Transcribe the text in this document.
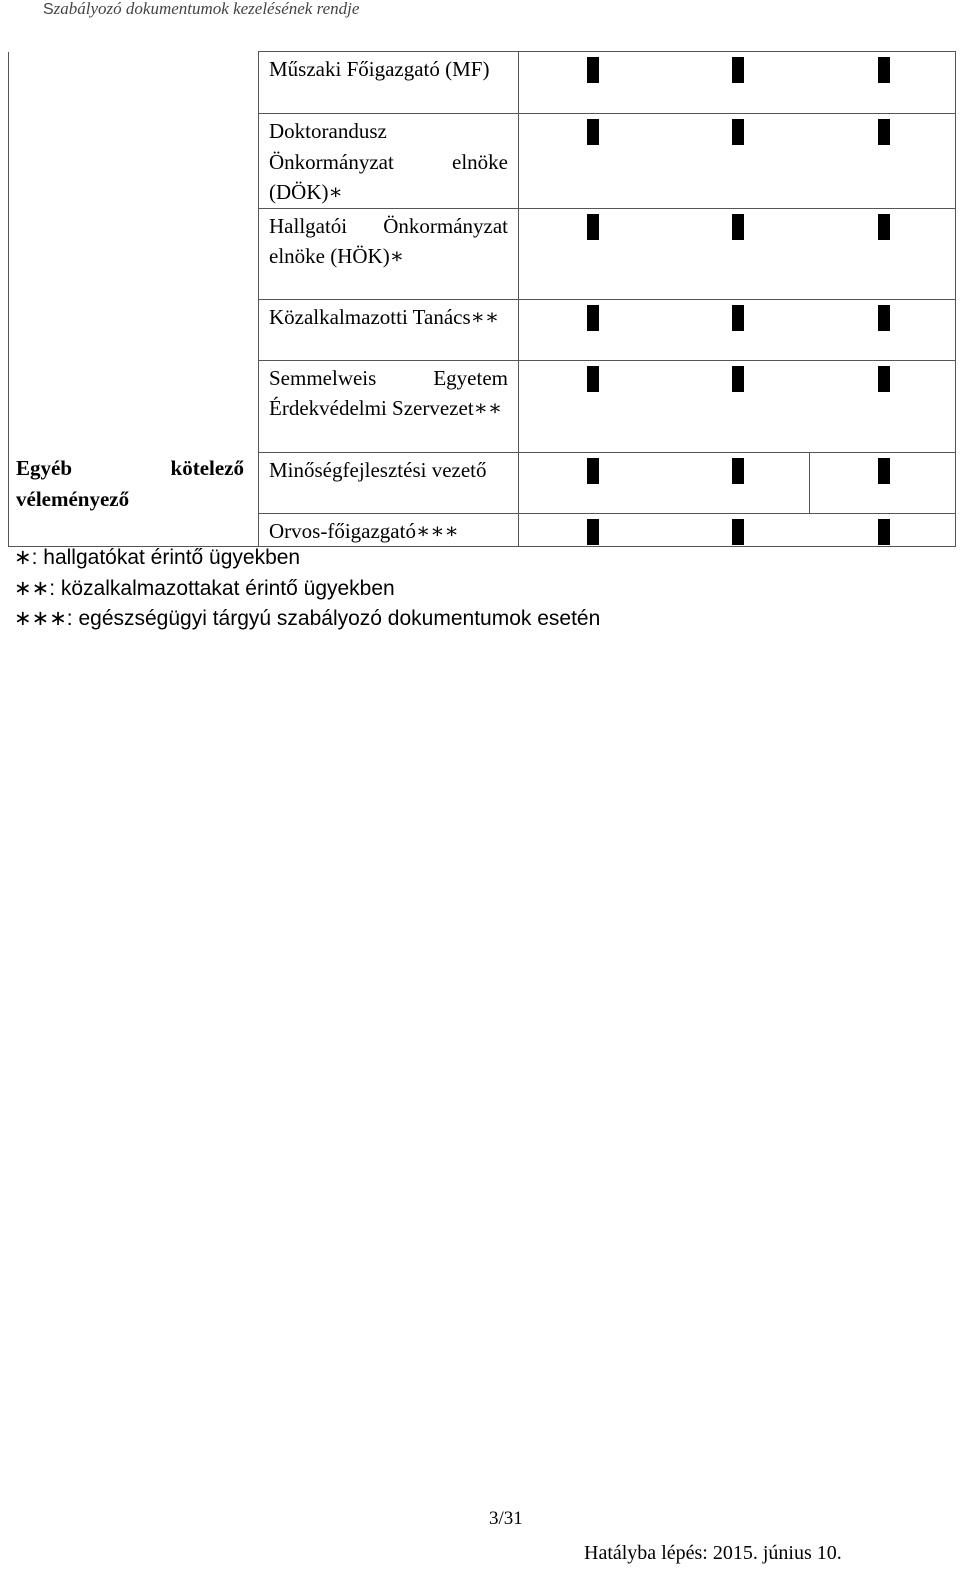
Szabályozó dokumentumok kezelésének rendje

	Műszaki Főigazgató (MF)			

	Doktorandusz Önkormányzat elnöke (DÖK)∗			

	Hallgatói Önkormányzat elnöke (HÖK)∗			

	Közalkalmazotti Tanács∗∗			

	Semmelweis Egyetem Érdekvédelmi Szervezet∗∗			

Egyéb kötelező véleményező	Minőségfejlesztési vezető			

	Orvos-főigazgató∗∗∗			

∗: hallgatókat érintő ügyekben
∗∗: közalkalmazottakat érintő ügyekben
∗∗∗: egészségügyi tárgyú szabályozó dokumentumok esetén
3/31
Hatályba lépés: 2015. június 10.
